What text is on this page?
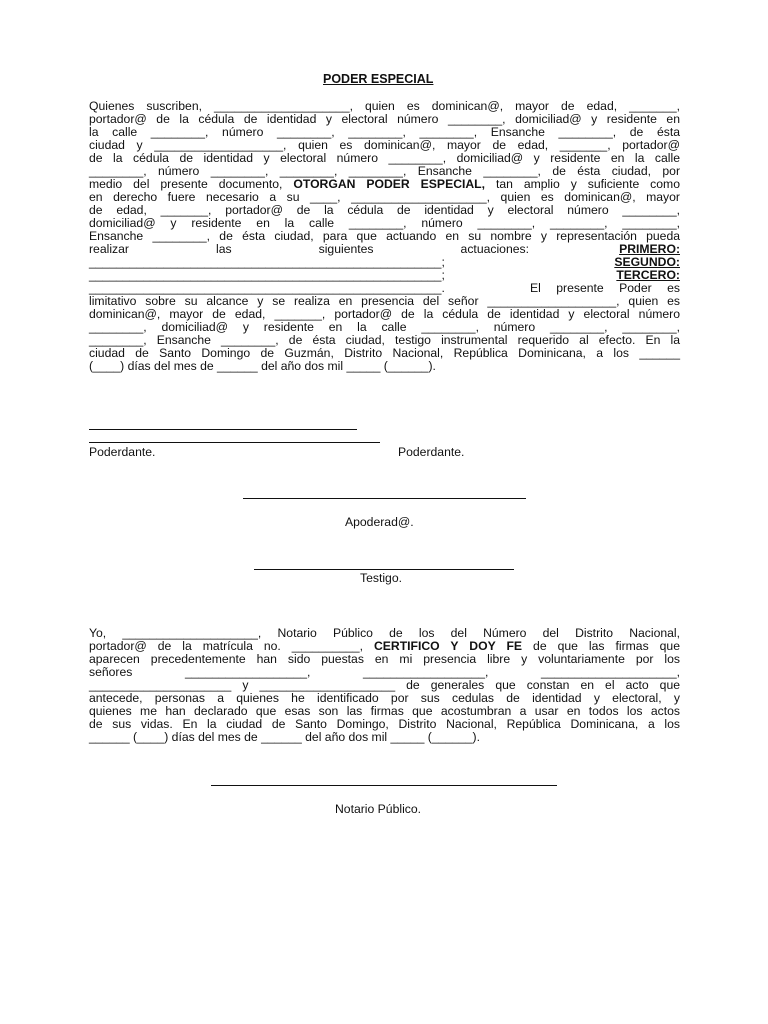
PODER ESPECIAL
Quienes suscriben, ____________________, quien es dominican@, mayor de edad, _______,
portador@ de la cédula de identidad y electoral número ________, domiciliad@ y residente en
la calle ________, número ________, ________, ________, Ensanche ________, de ésta
ciudad y ___________________, quien es dominican@, mayor de edad, _______, portador@
de la cédula de identidad y electoral número ________, domiciliad@ y residente en la calle
________, número ________, ________, ________, Ensanche ________, de ésta ciudad, por
medio del presente documento, OTORGAN PODER ESPECIAL, tan amplio y suficiente como
en derecho fuere necesario a su ____, ____________________, quien es dominican@, mayor
de edad, _______, portador@ de la cédula de identidad y electoral número ________,
domiciliad@ y residente en la calle ________, número ________, ________, ________,
Ensanche ________, de ésta ciudad, para que actuando en su nombre y representación pueda
realizar las siguientes actuaciones:	PRIMERO:
____________________________________________________;	SEGUNDO:
____________________________________________________;	TERCERO:
____________________________________________________.	El presente Poder es
limitativo sobre su alcance y se realiza en presencia del señor ___________________, quien es
dominican@, mayor de edad, _______, portador@ de la cédula de identidad y electoral número
________, domiciliad@ y residente en la calle ________, número ________, ________,
________, Ensanche ________, de ésta ciudad, testigo instrumental requerido al efecto. En la
ciudad de Santo Domingo de Guzmán, Distrito Nacional, República Dominicana, a los ______
(____) días del mes de ______ del año dos mil _____ (______).
Poderdante.	Poderdante.
Apoderad@.
Testigo.
Yo, ____________________, Notario Público de los del Número del Distrito Nacional,
portador@ de la matrícula no. __________, CERTIFICO Y DOY FE de que las firmas que
aparecen precedentemente han sido puestas en mi presencia libre y voluntariamente por los
señores __________________, __________________, ____________________,
_____________________ y ____________________ de generales que constan en el acto que
antecede, personas a quienes he identificado por sus cedulas de identidad y electoral, y
quienes me han declarado que esas son las firmas que acostumbran a usar en todos los actos
de sus vidas. En la ciudad de Santo Domingo, Distrito Nacional, República Dominicana, a los
______ (____) días del mes de ______ del año dos mil _____ (______).
Notario Público.
